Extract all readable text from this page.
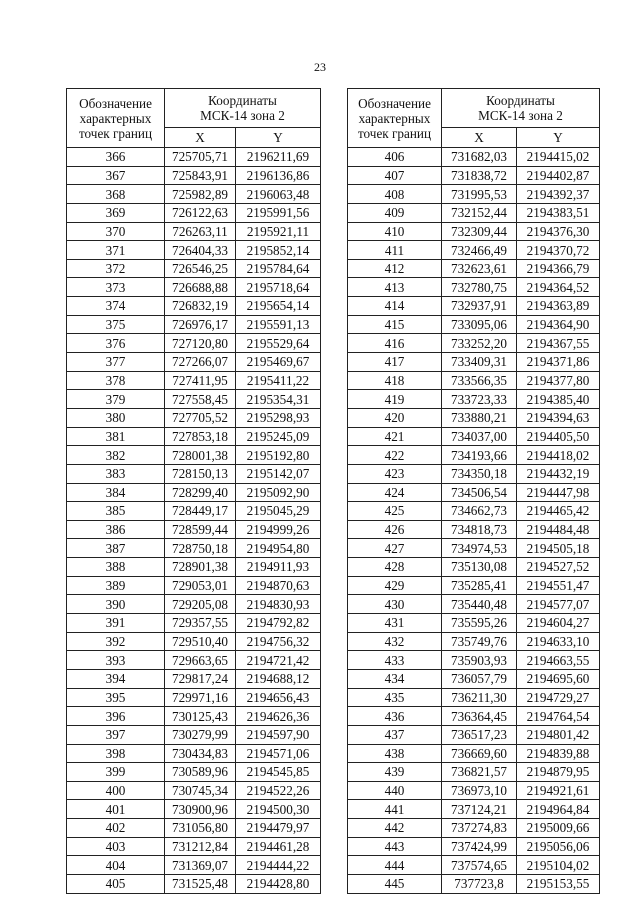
23
Обозначение
характерных
точек границ	Координаты
МСК-14 зона 2	
	X	Y
366	725705,71	2196211,69
367	725843,91	2196136,86
368	725982,89	2196063,48
369	726122,63	2195991,56
370	726263,11	2195921,11
371	726404,33	2195852,14
372	726546,25	2195784,64
373	726688,88	2195718,64
374	726832,19	2195654,14
375	726976,17	2195591,13
376	727120,80	2195529,64
377	727266,07	2195469,67
378	727411,95	2195411,22
379	727558,45	2195354,31
380	727705,52	2195298,93
381	727853,18	2195245,09
382	728001,38	2195192,80
383	728150,13	2195142,07
384	728299,40	2195092,90
385	728449,17	2195045,29
386	728599,44	2194999,26
387	728750,18	2194954,80
388	728901,38	2194911,93
389	729053,01	2194870,63
390	729205,08	2194830,93
391	729357,55	2194792,82
392	729510,40	2194756,32
393	729663,65	2194721,42
394	729817,24	2194688,12
395	729971,16	2194656,43
396	730125,43	2194626,36
397	730279,99	2194597,90
398	730434,83	2194571,06
399	730589,96	2194545,85
400	730745,34	2194522,26
401	730900,96	2194500,30
402	731056,80	2194479,97
403	731212,84	2194461,28
404	731369,07	2194444,22
405	731525,48	2194428,80
Обозначение
характерных
точек границ	Координаты
МСК-14 зона 2	
	X	Y
406	731682,03	2194415,02
407	731838,72	2194402,87
408	731995,53	2194392,37
409	732152,44	2194383,51
410	732309,44	2194376,30
411	732466,49	2194370,72
412	732623,61	2194366,79
413	732780,75	2194364,52
414	732937,91	2194363,89
415	733095,06	2194364,90
416	733252,20	2194367,55
417	733409,31	2194371,86
418	733566,35	2194377,80
419	733723,33	2194385,40
420	733880,21	2194394,63
421	734037,00	2194405,50
422	734193,66	2194418,02
423	734350,18	2194432,19
424	734506,54	2194447,98
425	734662,73	2194465,42
426	734818,73	2194484,48
427	734974,53	2194505,18
428	735130,08	2194527,52
429	735285,41	2194551,47
430	735440,48	2194577,07
431	735595,26	2194604,27
432	735749,76	2194633,10
433	735903,93	2194663,55
434	736057,79	2194695,60
435	736211,30	2194729,27
436	736364,45	2194764,54
437	736517,23	2194801,42
438	736669,60	2194839,88
439	736821,57	2194879,95
440	736973,10	2194921,61
441	737124,21	2194964,84
442	737274,83	2195009,66
443	737424,99	2195056,06
444	737574,65	2195104,02
445	737723,8	2195153,55
